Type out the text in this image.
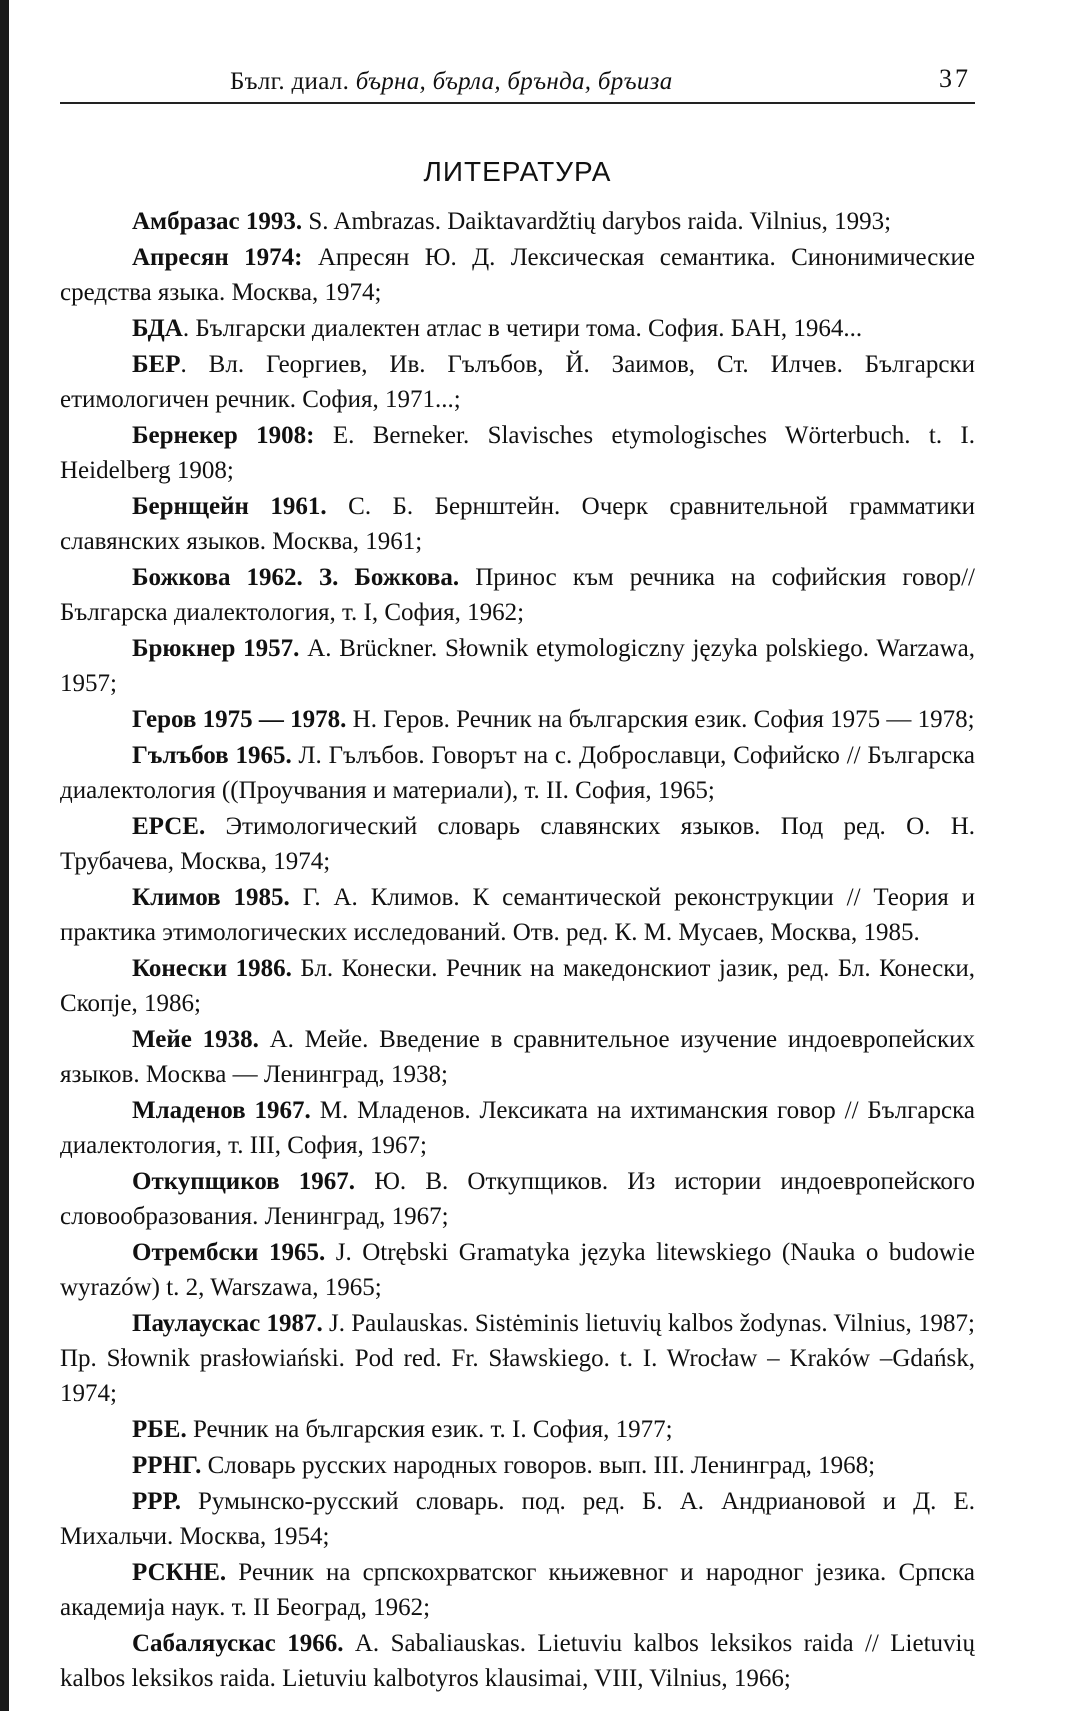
Бълг. диал. бърна, бърла, бръндa, бръиза	37
ЛИТЕРАТУРА

Амбразас 1993. S. Ambrazas. Daiktavardžtių darybos raida. Vilnius, 1993;

Апресян 1974: Апресян Ю. Д. Лексическая семантика. Синонимические средства языка. Москва, 1974;

БДА. Български диалектен атлас в четири тома. София. БАН, 1964...

БЕР. Вл. Георгиев, Ив. Гълъбов, Й. Заимов, Ст. Илчев. Български етимологичен речник. София, 1971...;

Бернекер 1908: E. Berneker. Slavisches etymologisches Wörterbuch. t. I. Heidelberg 1908;

Бернщейн 1961. С. Б. Бернштейн. Очерк сравнительной грамматики славянских языков. Москва, 1961;

Божкова 1962. З. Божкова. Принос към речника на софийския говор// Българска диалектология, т. I, София, 1962;

Брюкнер 1957. A. Brückner. Słownik etymologiczny języka polskiego. Warzawa, 1957;

Геров 1975 — 1978. Н. Геров. Речник на българския език. София 1975 — 1978;

Гълъбов 1965. Л. Гълъбов. Говорът на с. Доброславци, Софийско // Българска диалектология ((Проучвания и материали), т. II. София, 1965;

ЕРСЕ. Этимологический словарь славянских языков. Под ред. О. Н. Трубачева, Москва, 1974;

Климов 1985. Г. А. Климов. К семантической реконструкции // Теория и практика этимологических исследований. Отв. ред. К. М. Мусаев, Москва, 1985.

Конески 1986. Бл. Конески. Речник на македонскиот јазик, ред. Бл. Конески, Скопје, 1986;

Мейе 1938. А. Мейе. Введение в сравнительное изучение индоевропейских языков. Москва — Ленинград, 1938;

Младенов 1967. М. Младенов. Лексиката на ихтиманския говор // Българска диалектология, т. III, София, 1967;

Откупщиков 1967. Ю. В. Откупщиков. Из истории индоевропейского словообразования. Ленинград, 1967;

Отрембски 1965. J. Otrębski Gramatyka języka litewskiego (Nauka o budowie wyrazów) t. 2, Warszawa, 1965;

Паулаускас 1987. J. Paulauskas. Sistėminis lietuvių kalbos žodynas. Vilnius, 1987; Пр. Słownik prasłowiański. Pod red. Fr. Sławskiego. t. I. Wrocław – Kraków –Gdańsk, 1974;

РБЕ. Речник на българския език. т. I. София, 1977;

РРНГ. Словарь русских народных говоров. вып. III. Ленинград, 1968;

РРР. Румынско-русский словарь. под. ред. Б. А. Андриановой и Д. Е. Михальчи. Москва, 1954;

РСКНЕ. Речник на српскохрватског књижевног и народног језика. Српска академија наук. т. II Београд, 1962;

Сабаляускас 1966. A. Sabaliauskas. Lietuviu kalbos leksikos raida // Lietuvių kalbos leksikos raida. Lietuviu kalbotyros klausimai, VIII, Vilnius, 1966;
